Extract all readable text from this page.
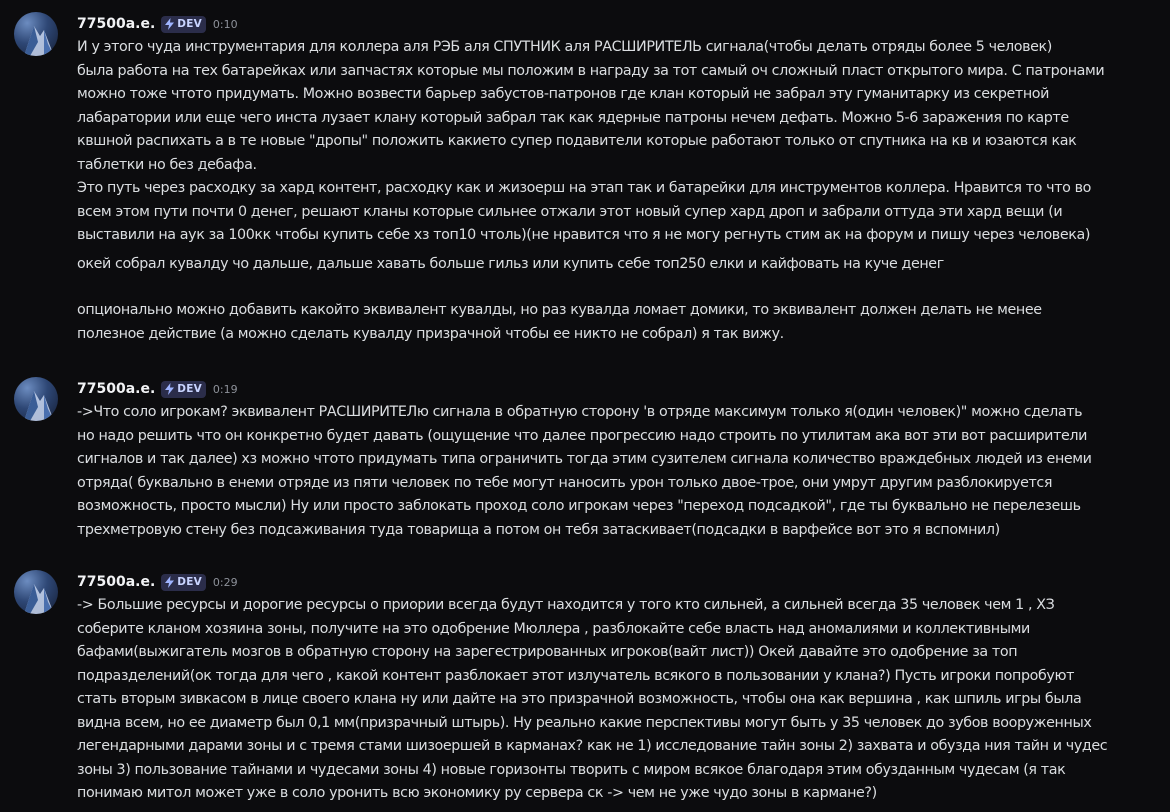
77500a.e. DEV 0:10
И у этого чуда инструментария для коллера аля РЭБ аля СПУТНИК аля РАСШИРИТЕЛЬ сигнала(чтобы делать отряды более 5 человек)
была работа на тех батарейках или запчастях которые мы положим в награду за тот самый оч сложный пласт открытого мира. С патронами
можно тоже чтото придумать. Можно возвести барьер забустов-патронов где клан который не забрал эту гуманитарку из секретной
лабаратории или еще чего инста лузает клану который забрал так как ядерные патроны нечем дефать. Можно 5-6 заражения по карте
квшной распихать а в те новые "дропы" положить какието супер подавители которые работают только от спутника на кв и юзаются как
таблетки но без дебафа.
Это путь через расходку за хард контент, расходку как и жизоерш на этап так и батарейки для инструментов коллера. Нравится то что во
всем этом пути почти 0 денег, решают кланы которые сильнее отжали этот новый супер хард дроп и забрали оттуда эти хард вещи (и
выставили на аук за 100кк чтобы купить себе хз топ10 чтоль)(не нравится что я не могу регнуть стим ак на форум и пишу через человека)
окей собрал кувалду чо дальше, дальше хавать больше гильз или купить себе топ250 елки и кайфовать на куче денег
опционально можно добавить какойто эквивалент кувалды, но раз кувалда ломает домики, то эквивалент должен делать не менее
полезное действие (а можно сделать кувалду призрачной чтобы ее никто не собрал) я так вижу.
77500a.e. DEV 0:19
->Что соло игрокам? эквивалент РАСШИРИТЕЛю сигнала в обратную сторону 'в отряде максимум только я(один человек)" можно сделать
но надо решить что он конкретно будет давать (ощущение что далее прогрессию надо строить по утилитам ака вот эти вот расширители
сигналов и так далее) хз можно чтото придумать типа ограничить тогда этим сузителем сигнала количество враждебных людей из енеми
отряда( буквально в енеми отряде из пяти человек по тебе могут наносить урон только двое-трое, они умрут другим разблокируется
возможность, просто мысли) Ну или просто заблокать проход соло игрокам через "переход подсадкой", где ты буквально не перелезешь
трехметровую стену без подсаживания туда товарища а потом он тебя затаскивает(подсадки в варфейсе вот это я вспомнил)
77500a.e. DEV 0:29
-> Большие ресурсы и дорогие ресурсы о приории всегда будут находится у того кто сильней, а сильней всегда 35 человек чем 1 , ХЗ
соберите кланом хозяина зоны, получите на это одобрение Мюллера , разблокайте себе власть над аномалиями и коллективными
бафами(выжигатель мозгов в обратную сторону на зарегестрированных игроков(вайт лист)) Окей давайте это одобрение за топ
подразделений(ок тогда для чего , какой контент разблокает этот излучатель всякого в пользовании у клана?) Пусть игроки попробуют
стать вторым зивкасом в лице своего клана ну или дайте на это призрачной возможность, чтобы она как вершина , как шпиль игры была
видна всем, но ее диаметр был 0,1 мм(призрачный штырь). Ну реально какие перспективы могут быть у 35 человек до зубов вооруженных
легендарными дарами зоны и с тремя стами шизоершей в карманах? как не 1) исследование тайн зоны 2) захвата и обузда ния тайн и чудес
зоны 3) пользование тайнами и чудесами зоны 4) новые горизонты творить с миром всякое благодаря этим обузданным чудесам (я так
понимаю митол может уже в соло уронить всю экономику ру сервера ск -> чем не уже чудо зоны в кармане?)
